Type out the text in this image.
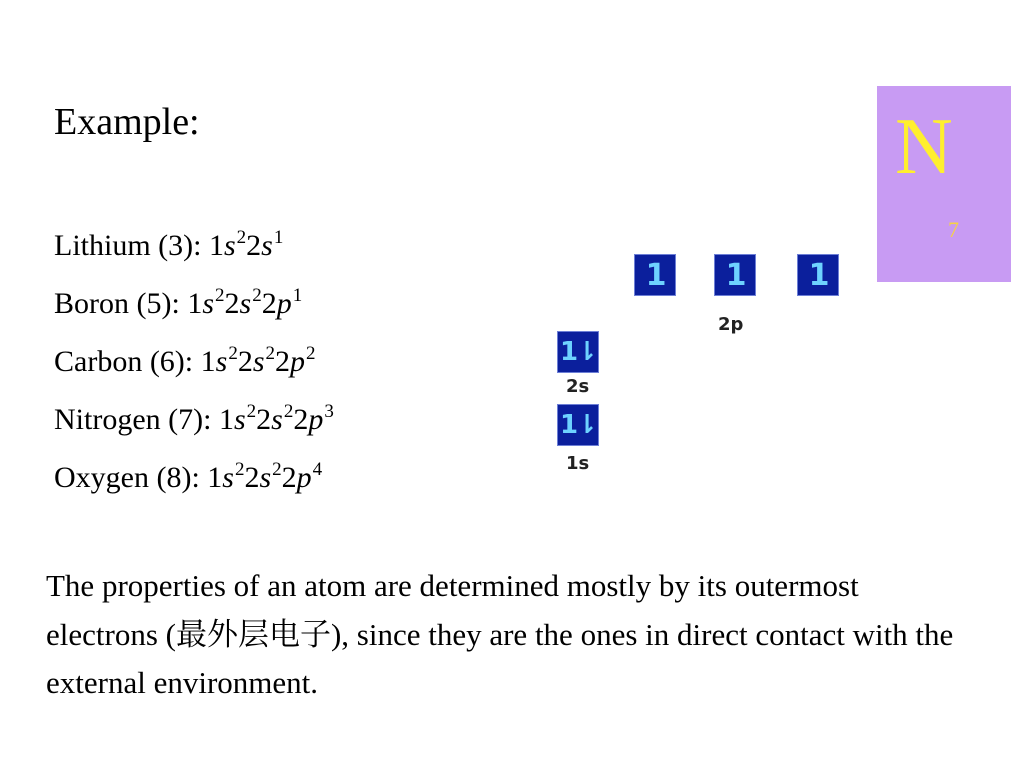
Example:
Lithium (3): $1s^22s^1$
Boron (5): $1s^22s^22p^1$
Carbon (6): $1s^22s^22p^2$
Nitrogen (7): $1s^22s^22p^3$
Oxygen (8): $1s^22s^22p^4$
1	1	1
2p
1⇂
2s
1⇂
1s
N
7
The properties of an atom are determined mostly by its outermost electrons (最外层电子), since they are the ones in direct contact with the external environment.
